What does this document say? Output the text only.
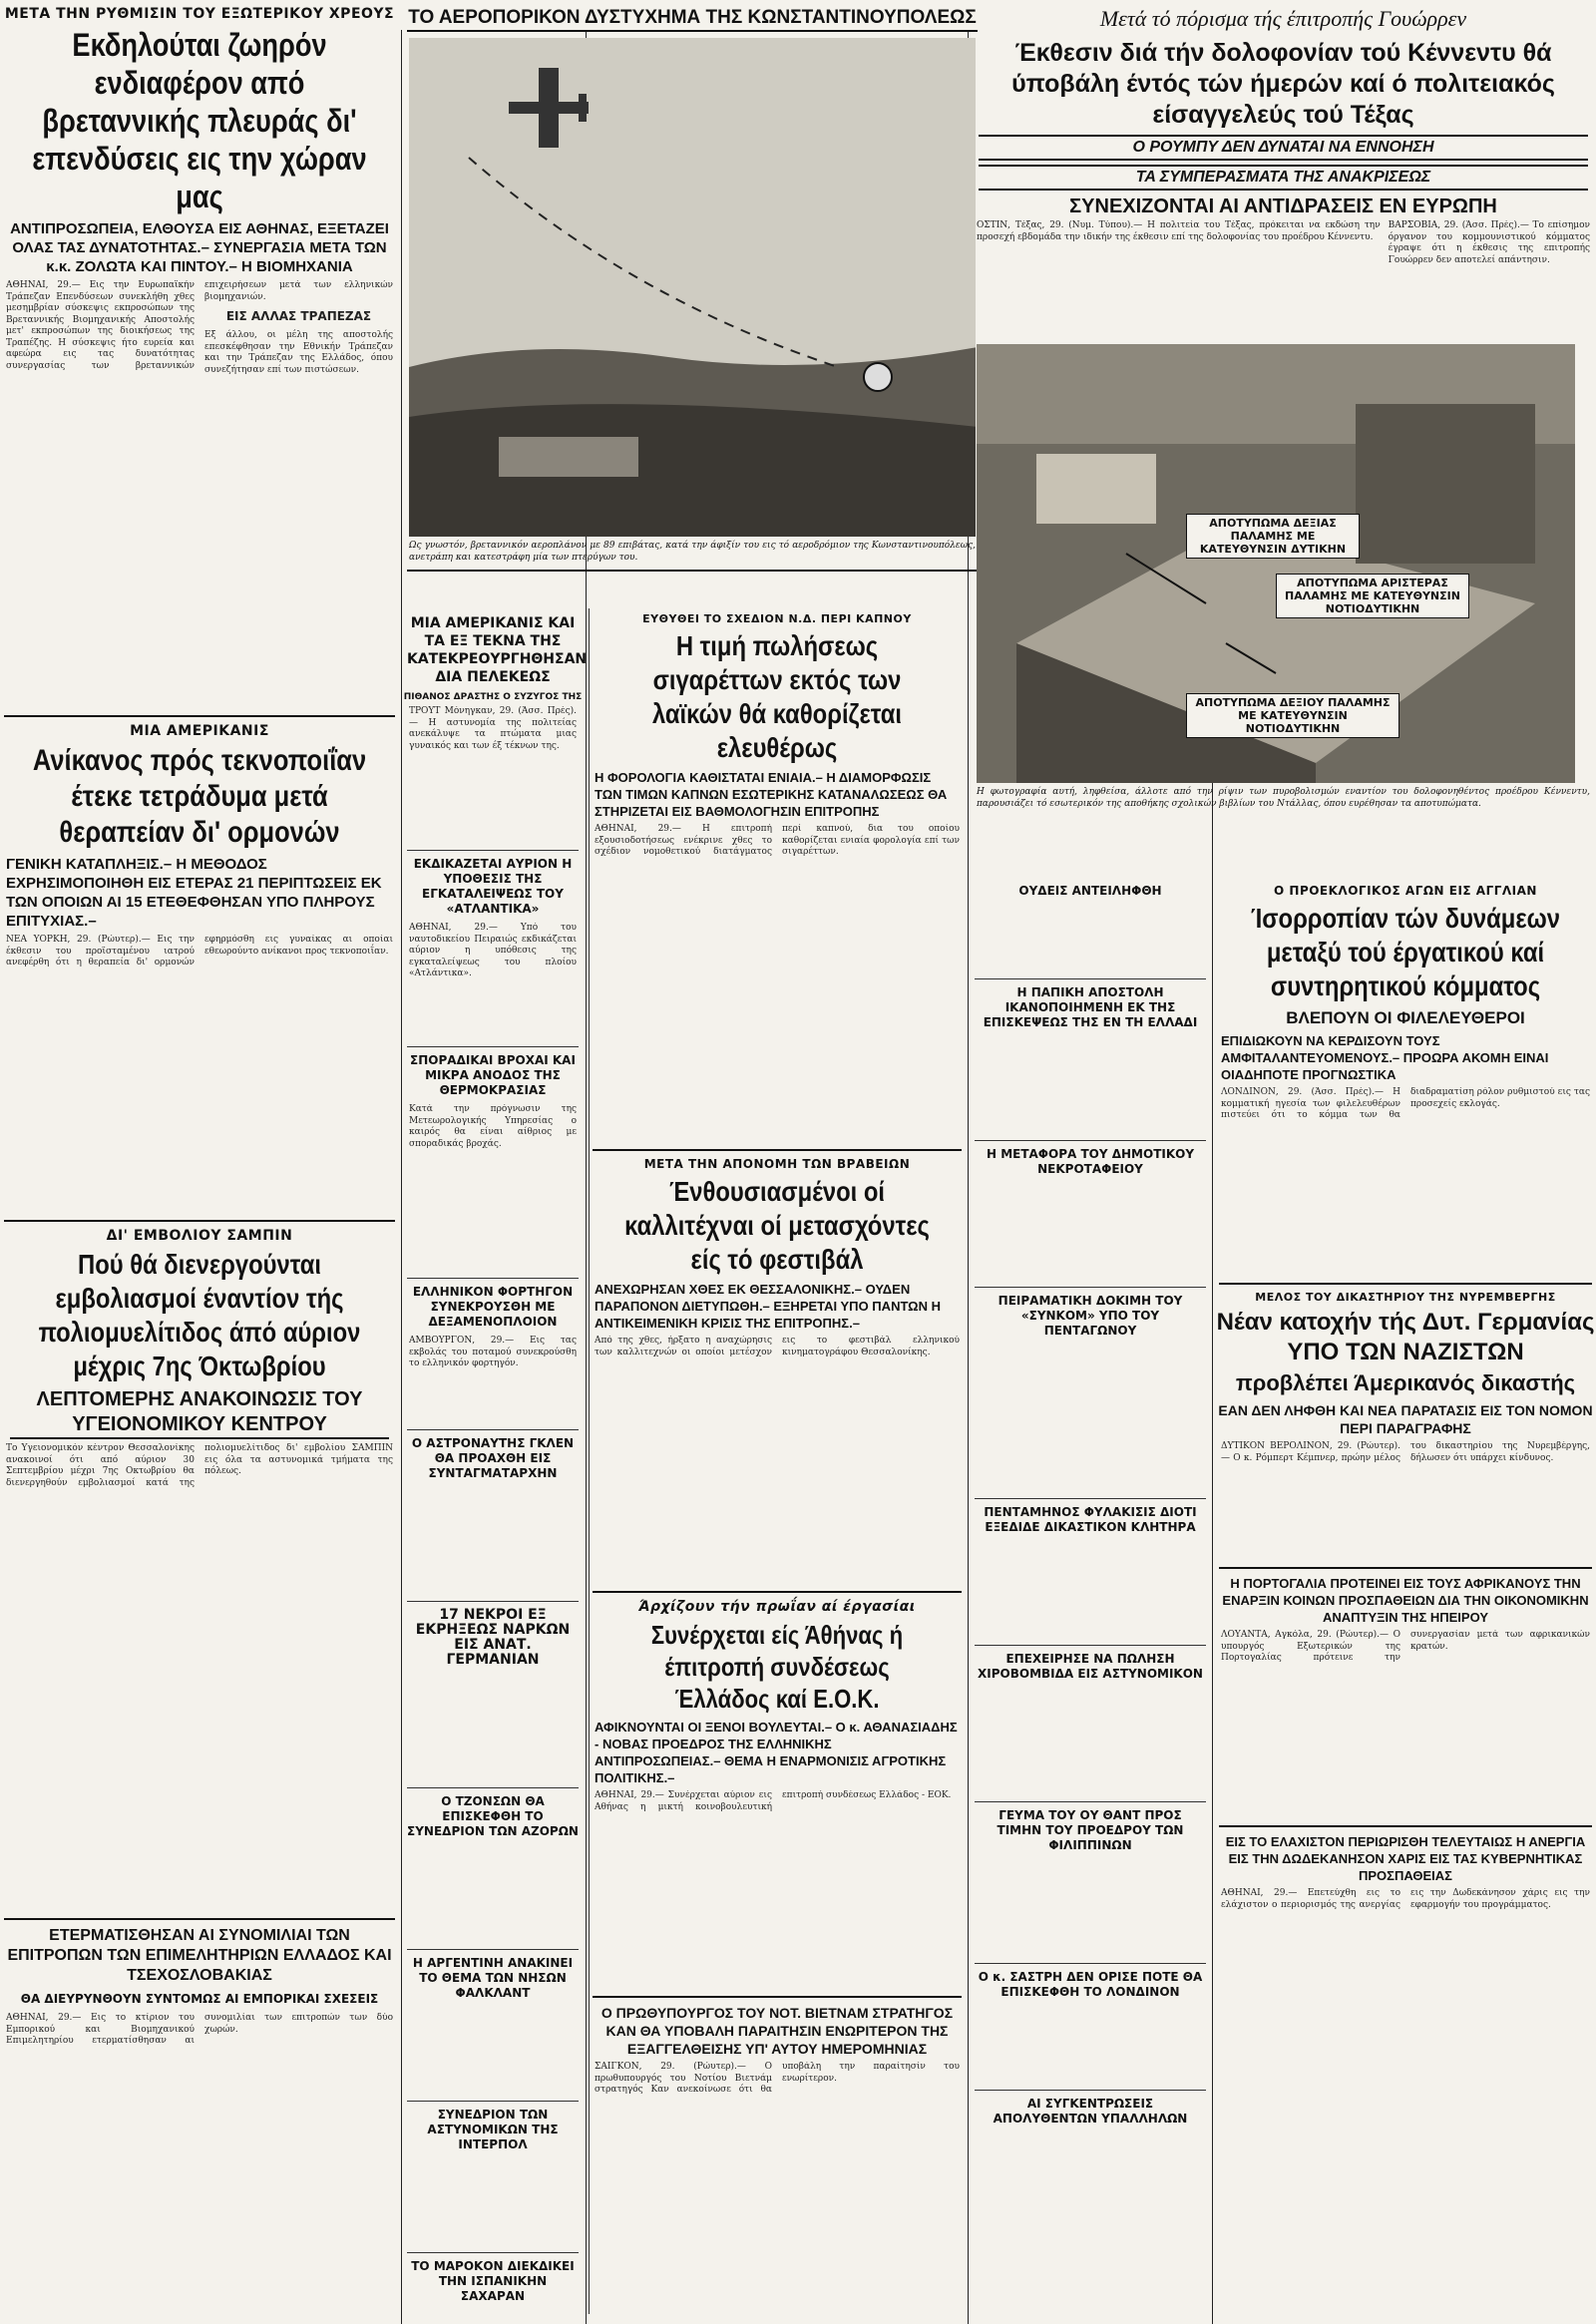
ΜΕΤΑ ΤΗΝ ΡΥΘΜΙΣΙΝ ΤΟΥ ΕΞΩΤΕΡΙΚΟΥ ΧΡΕΟΥΣ
Εκδηλούται ζωηρόν ενδιαφέρον από βρεταννικής πλευράς δι' επενδύσεις εις την χώραν μας
ΑΝΤΙΠΡΟΣΩΠΕΙΑ, ΕΛΘΟΥΣΑ ΕΙΣ ΑΘΗΝΑΣ, ΕΞΕΤΑΖΕΙ ΟΛΑΣ ΤΑΣ ΔΥΝΑΤΟΤΗΤΑΣ.– ΣΥΝΕΡΓΑΣΙΑ ΜΕΤΑ ΤΩΝ κ.κ. ΖΟΛΩΤΑ ΚΑΙ ΠΙΝΤΟΥ.– Η ΒΙΟΜΗΧΑΝΙΑ
ΑΘΗΝΑΙ, 29.— Εις την Ευρωπαϊκήν Τράπεζαν Επενδύσεων συνεκλήθη χθες μεσημβρίαν σύσκεψις εκπροσώπων της Βρεταννικής Βιομηχανικής Αποστολής μετ' εκπροσώπων της διοικήσεως της Τραπέζης. Η σύσκεψις ήτο ευρεία και αφεώρα εις τας δυνατότητας συνεργασίας των βρεταννικών επιχειρήσεων μετά των ελληνικών βιομηχανιών.
ΕΙΣ ΑΛΛΑΣ ΤΡΑΠΕΖΑΣ
Εξ άλλου, οι μέλη της αποστολής επεσκέφθησαν την Εθνικήν Τράπεζαν και την Τράπεζαν της Ελλάδος, όπου συνεζήτησαν επί των πιστώσεων.
ΜΙΑ ΑΜΕΡΙΚΑΝΙΣ
Ανίκανος πρός τεκνοποιΐαν έτεκε τετράδυμα μετά θεραπείαν δι' ορμονών
ΓΕΝΙΚΗ ΚΑΤΑΠΛΗΞΙΣ.– Η ΜΕΘΟΔΟΣ ΕΧΡΗΣΙΜΟΠΟΙΗΘΗ ΕΙΣ ΕΤΕΡΑΣ 21 ΠΕΡΙΠΤΩΣΕΙΣ ΕΚ ΤΩΝ ΟΠΟΙΩΝ ΑΙ 15 ΕΤΕΘΕΦΘΗΣΑΝ ΥΠΟ ΠΛΗΡΟΥΣ ΕΠΙΤΥΧΙΑΣ.–
ΝΕΑ ΥΟΡΚΗ, 29. (Ρώυτερ).— Εις την έκθεσιν του προϊσταμένου ιατρού ανεφέρθη ότι η θεραπεία δι' ορμονών εφηρμόσθη εις γυναίκας αι οποίαι εθεωρούντο ανίκανοι προς τεκνοποιΐαν.
ΔΙ' ΕΜΒΟΛΙΟΥ ΣΑΜΠΙΝ
Πού θά διενεργούνται εμβολιασμοί έναντίον τής πολιομυελίτιδος άπό αύριον μέχρις 7ης Όκτωβρίου
ΛΕΠΤΟΜΕΡΗΣ ΑΝΑΚΟΙΝΩΣΙΣ ΤΟΥ ΥΓΕΙΟΝΟΜΙΚΟΥ ΚΕΝΤΡΟΥ
Το Υγειονομικόν κέντρον Θεσσαλονίκης ανακοινοί ότι από αύριον 30 Σεπτεμβρίου μέχρι 7ης Οκτωβρίου θα διενεργηθούν εμβολιασμοί κατά της πολιομυελίτιδος δι' εμβολίου ΣΑΜΠΙΝ εις όλα τα αστυνομικά τμήματα της πόλεως.
ΕΤΕΡΜΑΤΙΣΘΗΣΑΝ ΑΙ ΣΥΝΟΜΙΛΙΑΙ ΤΩΝ ΕΠΙΤΡΟΠΩΝ ΤΩΝ ΕΠΙΜΕΛΗΤΗΡΙΩΝ ΕΛΛΑΔΟΣ ΚΑΙ ΤΣΕΧΟΣΛΟΒΑΚΙΑΣ
ΘΑ ΔΙΕΥΡΥΝΘΟΥΝ ΣΥΝΤΟΜΩΣ ΑΙ ΕΜΠΟΡΙΚΑΙ ΣΧΕΣΕΙΣ
ΑΘΗΝΑΙ, 29.— Εις το κτίριον του Εμπορικού και Βιομηχανικού Επιμελητηρίου ετερματίσθησαν αι συνομιλίαι των επιτροπών των δύο χωρών.
ΤΟ ΑΕΡΟΠΟΡΙΚΟΝ ΔΥΣΤΥΧΗΜΑ ΤΗΣ ΚΩΝΣΤΑΝΤΙΝΟΥΠΟΛΕΩΣ
Ως γνωστόν, βρεταννικόν αεροπλάνον με 89 επιβάτας, κατά την άφιξίν του εις τό αεροδρόμιον της Κωνσταντινουπόλεως, ανετράπη και κατεστράφη μία των πτερύγων του.
ΜΙΑ ΑΜΕΡΙΚΑΝΙΣ ΚΑΙ ΤΑ ΕΞ ΤΕΚΝΑ ΤΗΣ ΚΑΤΕΚΡΕΟΥΡΓΗΘΗΣΑΝ ΔΙΑ ΠΕΛΕΚΕΩΣ
ΠΙΘΑΝΟΣ ΔΡΑΣΤΗΣ Ο ΣΥΖΥΓΟΣ ΤΗΣ
ΤΡΟΥΤ Μόνηγκαν, 29. (Άσσ. Πρές).— Η αστυνομία της πολιτείας ανεκάλυψε τα πτώματα μιας γυναικός και των έξ τέκνων της.
ΕΚΔΙΚΑΖΕΤΑΙ ΑΥΡΙΟΝ Η ΥΠΟΘΕΣΙΣ ΤΗΣ ΕΓΚΑΤΑΛΕΙΨΕΩΣ ΤΟΥ «ΑΤΛΑΝΤΙΚΑ»
ΑΘΗΝΑΙ, 29.— Υπό του ναυτοδικείου Πειραιώς εκδικάζεται αύριον η υπόθεσις της εγκαταλείψεως του πλοίου «Ατλάντικα».
ΣΠΟΡΑΔΙΚΑΙ ΒΡΟΧΑΙ ΚΑΙ ΜΙΚΡΑ ΑΝΟΔΟΣ ΤΗΣ ΘΕΡΜΟΚΡΑΣΙΑΣ
Κατά την πρόγνωσιν της Μετεωρολογικής Υπηρεσίας ο καιρός θα είναι αίθριος με σποραδικάς βροχάς.
ΕΛΛΗΝΙΚΟΝ ΦΟΡΤΗΓΟΝ ΣΥΝΕΚΡΟΥΣΘΗ ΜΕ ΔΕΞΑΜΕΝΟΠΛΟΙΟΝ
ΑΜΒΟΥΡΓΟΝ, 29.— Εις τας εκβολάς του ποταμού συνεκρούσθη το ελληνικόν φορτηγόν.
Ο ΑΣΤΡΟΝΑΥΤΗΣ ΓΚΛΕΝ ΘΑ ΠΡΟΑΧΘΗ ΕΙΣ ΣΥΝΤΑΓΜΑΤΑΡΧΗΝ
17 ΝΕΚΡΟΙ ΕΞ ΕΚΡΗΞΕΩΣ ΝΑΡΚΩΝ ΕΙΣ ΑΝΑΤ. ΓΕΡΜΑΝΙΑΝ
Ο ΤΖΟΝΣΩΝ ΘΑ ΕΠΙΣΚΕΦΘΗ ΤΟ ΣΥΝΕΔΡΙΟΝ ΤΩΝ ΑΖΟΡΩΝ
Η ΑΡΓΕΝΤΙΝΗ ΑΝΑΚΙΝΕΙ ΤΟ ΘΕΜΑ ΤΩΝ ΝΗΣΩΝ ΦΑΛΚΛΑΝΤ
ΣΥΝΕΔΡΙΟΝ ΤΩΝ ΑΣΤΥΝΟΜΙΚΩΝ ΤΗΣ ΙΝΤΕΡΠΟΛ
ΤΟ ΜΑΡΟΚΟΝ ΔΙΕΚΔΙΚΕΙ ΤΗΝ ΙΣΠΑΝΙΚΗΝ ΣΑΧΑΡΑΝ
ΕΥΘΥΘΕΙ ΤΟ ΣΧΕΔΙΟΝ Ν.Δ. ΠΕΡΙ ΚΑΠΝΟΥ
Η τιμή πωλήσεως σιγαρέττων εκτός των λαϊκών θά καθορίζεται ελευθέρως
Η ΦΟΡΟΛΟΓΙΑ ΚΑΘΙΣΤΑΤΑΙ ΕΝΙΑΙΑ.– Η ΔΙΑΜΟΡΦΩΣΙΣ ΤΩΝ ΤΙΜΩΝ ΚΑΠΝΩΝ ΕΣΩΤΕΡΙΚΗΣ ΚΑΤΑΝΑΛΩΣΕΩΣ ΘΑ ΣΤΗΡΙΖΕΤΑΙ ΕΙΣ ΒΑΘΜΟΛΟΓΗΣΙΝ ΕΠΙΤΡΟΠΗΣ
ΑΘΗΝΑΙ, 29.— Η επιτροπή εξουσιοδοτήσεως ενέκρινε χθες το σχέδιον νομοθετικού διατάγματος περί καπνού, δια του οποίου καθορίζεται ενιαία φορολογία επί των σιγαρέττων.
ΜΕΤΑ ΤΗΝ ΑΠΟΝΟΜΗ ΤΩΝ ΒΡΑΒΕΙΩΝ
Ένθουσιασμένοι οί καλλιτέχναι οί μετασχόντες είς τό φεστιβάλ
ΑΝΕΧΩΡΗΣΑΝ ΧΘΕΣ ΕΚ ΘΕΣΣΑΛΟΝΙΚΗΣ.– ΟΥΔΕΝ ΠΑΡΑΠΟΝΟΝ ΔΙΕΤΥΠΩΘΗ.– ΕΞΗΡΕΤΑΙ ΥΠΟ ΠΑΝΤΩΝ Η ΑΝΤΙΚΕΙΜΕΝΙΚΗ ΚΡΙΣΙΣ ΤΗΣ ΕΠΙΤΡΟΠΗΣ.–
Από της χθες, ήρξατο η αναχώρησις των καλλιτεχνών οι οποίοι μετέσχον εις το φεστιβάλ ελληνικού κινηματογράφου Θεσσαλονίκης.
Άρχίζουν τήν πρωΐαν αί έργασίαι
Συνέρχεται είς Άθήνας ή έπιτροπή συνδέσεως Έλλάδος καί Ε.Ο.Κ.
ΑΦΙΚΝΟΥΝΤΑΙ ΟΙ ΞΕΝΟΙ ΒΟΥΛΕΥΤΑΙ.– Ο κ. ΑΘΑΝΑΣΙΑΔΗΣ - ΝΟΒΑΣ ΠΡΟΕΔΡΟΣ ΤΗΣ ΕΛΛΗΝΙΚΗΣ ΑΝΤΙΠΡΟΣΩΠΕΙΑΣ.– ΘΕΜΑ Η ΕΝΑΡΜΟΝΙΣΙΣ ΑΓΡΟΤΙΚΗΣ ΠΟΛΙΤΙΚΗΣ.–
ΑΘΗΝΑΙ, 29.— Συνέρχεται αύριον εις Αθήνας η μικτή κοινοβουλευτική επιτροπή συνδέσεως Ελλάδος - ΕΟΚ.
Ο ΠΡΩΘΥΠΟΥΡΓΟΣ ΤΟΥ ΝΟΤ. ΒΙΕΤΝΑΜ ΣΤΡΑΤΗΓΟΣ ΚΑΝ ΘΑ ΥΠΟΒΑΛΗ ΠΑΡΑΙΤΗΣΙΝ ΕΝΩΡΙΤΕΡΟΝ ΤΗΣ ΕΞΑΓΓΕΛΘΕΙΣΗΣ ΥΠ' ΑΥΤΟΥ ΗΜΕΡΟΜΗΝΙΑΣ
ΣΑΪΓΚΟΝ, 29. (Ρώυτερ).— Ο πρωθυπουργός του Νοτίου Βιετνάμ στρατηγός Καν ανεκοίνωσε ότι θα υποβάλη την παραίτησίν του ενωρίτερον.
Μετά τό πόρισμα τής έπιτροπής Γουώρρεν
Έκθεσιν διά τήν δολοφονίαν τού Κέννεντυ θά ύποβάλη έντός τών ήμερών καί ό πολιτειακός είσαγγελεύς τού Τέξας
Ο ΡΟΥΜΠΥ ΔΕΝ ΔΥΝΑΤΑΙ ΝΑ ΕΝΝΟΗΣΗ
ΤΑ ΣΥΜΠΕΡΑΣΜΑΤΑ ΤΗΣ ΑΝΑΚΡΙΣΕΩΣ
ΣΥΝΕΧΙΖΟΝΤΑΙ ΑΙ ΑΝΤΙΔΡΑΣΕΙΣ ΕΝ ΕΥΡΩΠΗ
ΟΣΤΙΝ, Τέξας, 29. (Νυμ. Τύπου).— Η πολιτεία του Τέξας, πρόκειται να εκδώση την προσεχή εβδομάδα την ιδικήν της έκθεσιν επί της δολοφονίας του προέδρου Κέννεντυ.
ΒΑΡΣΟΒΙΑ, 29. (Άσσ. Πρές).— Το επίσημον όργανον του κομμουνιστικού κόμματος έγραψε ότι η έκθεσις της επιτροπής Γουώρρεν δεν αποτελεί απάντησιν.
ΑΠΟΤΥΠΩΜΑ ΔΕΞΙΑΣ ΠΑΛΑΜΗΣ ΜΕ ΚΑΤΕΥΘΥΝΣΙΝ ΔΥΤΙΚΗΝ
ΑΠΟΤΥΠΩΜΑ ΑΡΙΣΤΕΡΑΣ ΠΑΛΑΜΗΣ ΜΕ ΚΑΤΕΥΘΥΝΣΙΝ ΝΟΤΙΟΔΥΤΙΚΗΝ
ΑΠΟΤΥΠΩΜΑ ΔΕΞΙΟΥ ΠΑΛΑΜΗΣ ΜΕ ΚΑΤΕΥΘΥΝΣΙΝ ΝΟΤΙΟΔΥΤΙΚΗΝ
Η φωτογραφία αυτή, ληφθείσα, άλλοτε από την ρίψιν των πυροβολισμών εναντίον του δολοφονηθέντος προέδρου Κέννεντυ, παρουσιάζει τό εσωτερικόν της αποθήκης σχολικών βιβλίων του Ντάλλας, όπου ευρέθησαν τα αποτυπώματα.
ΟΥΔΕΙΣ ΑΝΤΕΙΛΗΦΘΗ
Η ΠΑΠΙΚΗ ΑΠΟΣΤΟΛΗ ΙΚΑΝΟΠΟΙΗΜΕΝΗ ΕΚ ΤΗΣ ΕΠΙΣΚΕΨΕΩΣ ΤΗΣ ΕΝ ΤΗ ΕΛΛΑΔΙ
Η ΜΕΤΑΦΟΡΑ ΤΟΥ ΔΗΜΟΤΙΚΟΥ ΝΕΚΡΟΤΑΦΕΙΟΥ
ΠΕΙΡΑΜΑΤΙΚΗ ΔΟΚΙΜΗ ΤΟΥ «ΣΥΝΚΟΜ» ΥΠΟ ΤΟΥ ΠΕΝΤΑΓΩΝΟΥ
ΠΕΝΤΑΜΗΝΟΣ ΦΥΛΑΚΙΣΙΣ ΔΙΟΤΙ ΕΞΕΔΙΔΕ ΔΙΚΑΣΤΙΚΟΝ ΚΛΗΤΗΡΑ
ΕΠΕΧΕΙΡΗΣΕ ΝΑ ΠΩΛΗΣΗ ΧΙΡΟΒΟΜΒΙΔΑ ΕΙΣ ΑΣΤΥΝΟΜΙΚΟΝ
ΓΕΥΜΑ ΤΟΥ ΟΥ ΘΑΝΤ ΠΡΟΣ ΤΙΜΗΝ ΤΟΥ ΠΡΟΕΔΡΟΥ ΤΩΝ ΦΙΛΙΠΠΙΝΩΝ
Ο κ. ΣΑΣΤΡΗ ΔΕΝ ΟΡΙΣΕ ΠΟΤΕ ΘΑ ΕΠΙΣΚΕΦΘΗ ΤΟ ΛΟΝΔΙΝΟΝ
ΑΙ ΣΥΓΚΕΝΤΡΩΣΕΙΣ ΑΠΟΛΥΘΕΝΤΩΝ ΥΠΑΛΛΗΛΩΝ
Ο ΠΡΟΕΚΛΟΓΙΚΟΣ ΑΓΩΝ ΕΙΣ ΑΓΓΛΙΑΝ
Ίσορροπίαν τών δυνάμεων μεταξύ τού έργατικού καί συντηρητικού κόμματος
ΒΛΕΠΟΥΝ ΟΙ ΦΙΛΕΛΕΥΘΕΡΟΙ
ΕΠΙΔΙΩΚΟΥΝ ΝΑ ΚΕΡΔΙΣΟΥΝ ΤΟΥΣ ΑΜΦΙΤΑΛΑΝΤΕΥΟΜΕΝΟΥΣ.– ΠΡΟΩΡΑ ΑΚΟΜΗ ΕΙΝΑΙ ΟΙΑΔΗΠΟΤΕ ΠΡΟΓΝΩΣΤΙΚΑ
ΛΟΝΔΙΝΟΝ, 29. (Άσσ. Πρές).— Η κομματική ηγεσία των φιλελευθέρων πιστεύει ότι το κόμμα των θα διαδραματίση ρόλον ρυθμιστού εις τας προσεχείς εκλογάς.
ΜΕΛΟΣ ΤΟΥ ΔΙΚΑΣΤΗΡΙΟΥ ΤΗΣ ΝΥΡΕΜΒΕΡΓΗΣ
Νέαν κατοχήν τής Δυτ. Γερμανίας ΥΠΟ ΤΩΝ ΝΑΖΙΣΤΩΝ
προβλέπει Άμερικανός δικαστής
ΕΑΝ ΔΕΝ ΛΗΦΘΗ ΚΑΙ ΝΕΑ ΠΑΡΑΤΑΣΙΣ ΕΙΣ ΤΟΝ ΝΟΜΟΝ ΠΕΡΙ ΠΑΡΑΓΡΑΦΗΣ
ΔΥΤΙΚΟΝ ΒΕΡΟΛΙΝΟΝ, 29. (Ρώυτερ).— Ο κ. Ρόμπερτ Κέμπνερ, πρώην μέλος του δικαστηρίου της Νυρεμβέργης, δήλωσεν ότι υπάρχει κίνδυνος.
Η ΠΟΡΤΟΓΑΛΙΑ ΠΡΟΤΕΙΝΕΙ ΕΙΣ ΤΟΥΣ ΑΦΡΙΚΑΝΟΥΣ ΤΗΝ ΕΝΑΡΞΙΝ ΚΟΙΝΩΝ ΠΡΟΣΠΑΘΕΙΩΝ ΔΙΑ ΤΗΝ ΟΙΚΟΝΟΜΙΚΗΝ ΑΝΑΠΤΥΞΙΝ ΤΗΣ ΗΠΕΙΡΟΥ
ΛΟΥΑΝΤΑ, Αγκόλα, 29. (Ρώυτερ).— Ο υπουργός Εξωτερικών της Πορτογαλίας πρότεινε την συνεργασίαν μετά των αφρικανικών κρατών.
ΕΙΣ ΤΟ ΕΛΑΧΙΣΤΟΝ ΠΕΡΙΩΡΙΣΘΗ ΤΕΛΕΥΤΑΙΩΣ Η ΑΝΕΡΓΙΑ ΕΙΣ ΤΗΝ ΔΩΔΕΚΑΝΗΣΟΝ ΧΑΡΙΣ ΕΙΣ ΤΑΣ ΚΥΒΕΡΝΗΤΙΚΑΣ ΠΡΟΣΠΑΘΕΙΑΣ
ΑΘΗΝΑΙ, 29.— Επετεύχθη εις το ελάχιστον ο περιορισμός της ανεργίας εις την Δωδεκάνησον χάρις εις την εφαρμογήν του προγράμματος.
